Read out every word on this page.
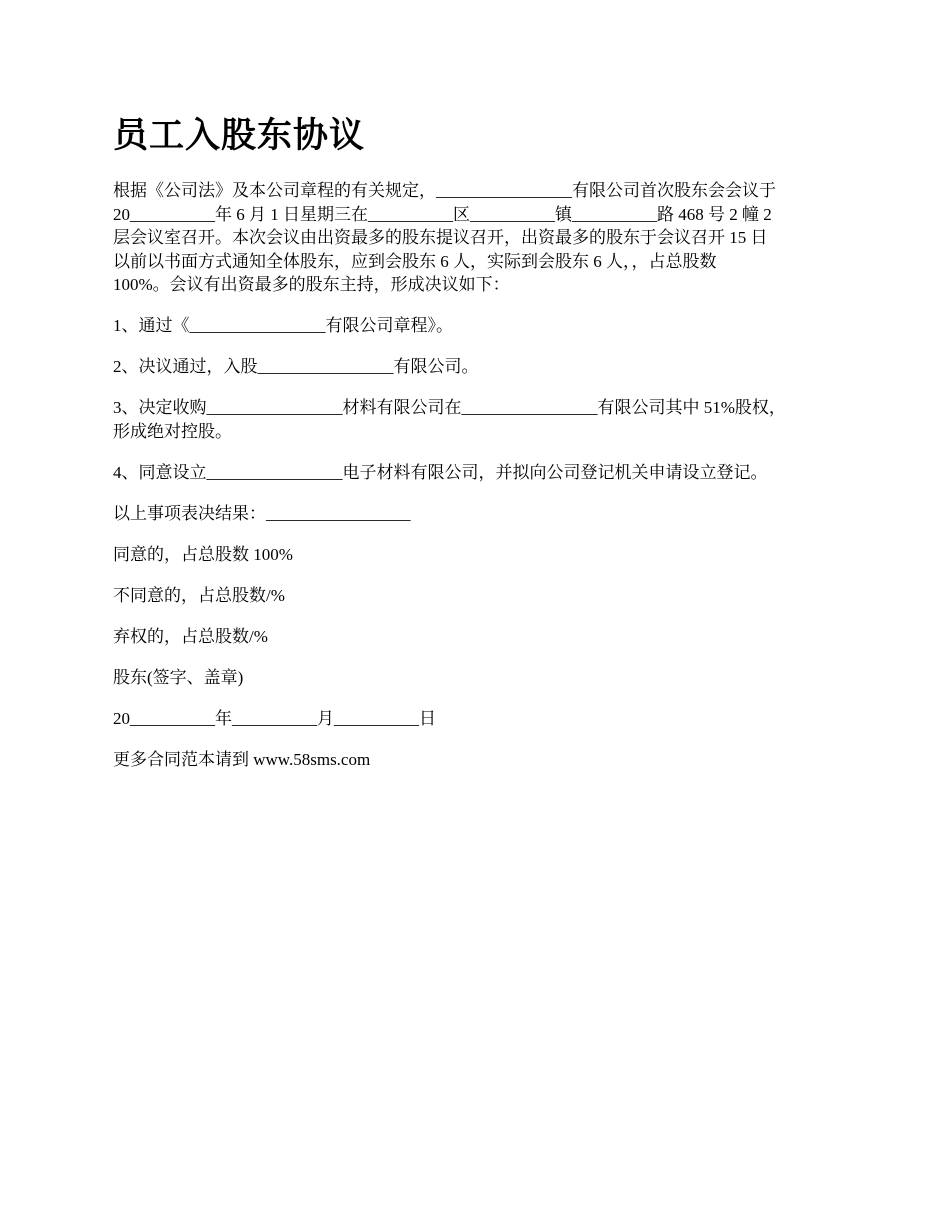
员工入股东协议

根据《公司法》及本公司章程的有关规定，________________有限公司首次股东会会议于

20__________年 6 月 1 日星期三在__________区__________镇__________路 468 号 2 幢 2

层会议室召开。本次会议由出资最多的股东提议召开，出资最多的股东于会议召开 15 日

以前以书面方式通知全体股东，应到会股东 6 人，实际到会股东 6 人，，占总股数

100%。会议有出资最多的股东主持，形成决议如下：

1、通过《________________有限公司章程》。

2、决议通过，入股________________有限公司。

3、决定收购________________材料有限公司在________________有限公司其中 51%股权，

形成绝对控股。

4、同意设立________________电子材料有限公司，并拟向公司登记机关申请设立登记。

以上事项表决结果：_________________

同意的，占总股数 100%

不同意的，占总股数/%

弃权的，占总股数/%

股东(签字、盖章)

20__________年__________月__________日

更多合同范本请到 www.58sms.com
